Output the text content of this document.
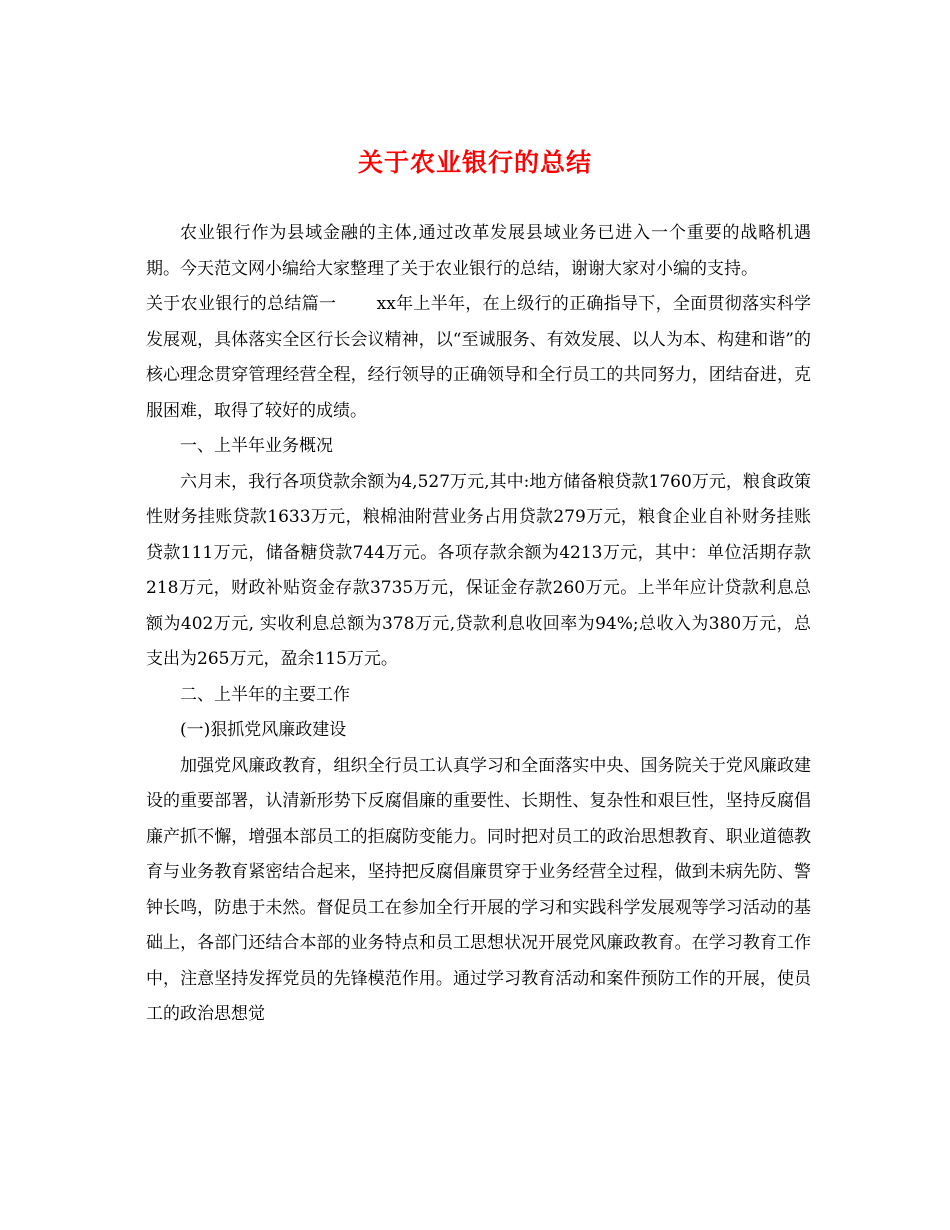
关于农业银行的总结

农业银行作为县域金融的主体,通过改革发展县域业务已进入一个重要的战略机遇期。今天范文网小编给大家整理了关于农业银行的总结，谢谢大家对小编的支持。

关于农业银行的总结篇一　　 xx年上半年，在上级行的正确指导下，全面贯彻落实科学发展观，具体落实全区行长会议精神，以“至诚服务、有效发展、以人为本、构建和谐”的核心理念贯穿管理经营全程，经行领导的正确领导和全行员工的共同努力，团结奋进，克服困难，取得了较好的成绩。

一、上半年业务概况

六月末，我行各项贷款余额为4,527万元,其中:地方储备粮贷款1760万元，粮食政策性财务挂账贷款1633万元，粮棉油附营业务占用贷款279万元，粮食企业自补财务挂账贷款111万元，储备糖贷款744万元。各项存款余额为4213万元，其中：单位活期存款218万元，财政补贴资金存款3735万元，保证金存款260万元。上半年应计贷款利息总额为402万元, 实收利息总额为378万元,贷款利息收回率为94%;总收入为380万元，总支出为265万元，盈余115万元。

二、上半年的主要工作

(一)狠抓党风廉政建设

加强党风廉政教育，组织全行员工认真学习和全面落实中央、国务院关于党风廉政建设的重要部署，认清新形势下反腐倡廉的重要性、长期性、复杂性和艰巨性，坚持反腐倡廉产抓不懈，增强本部员工的拒腐防变能力。同时把对员工的政治思想教育、职业道德教育与业务教育紧密结合起来，坚持把反腐倡廉贯穿于业务经营全过程，做到未病先防、警钟长鸣，防患于未然。督促员工在参加全行开展的学习和实践科学发展观等学习活动的基础上，各部门还结合本部的业务特点和员工思想状况开展党风廉政教育。在学习教育工作中，注意坚持发挥党员的先锋模范作用。通过学习教育活动和案件预防工作的开展，使员工的政治思想觉
